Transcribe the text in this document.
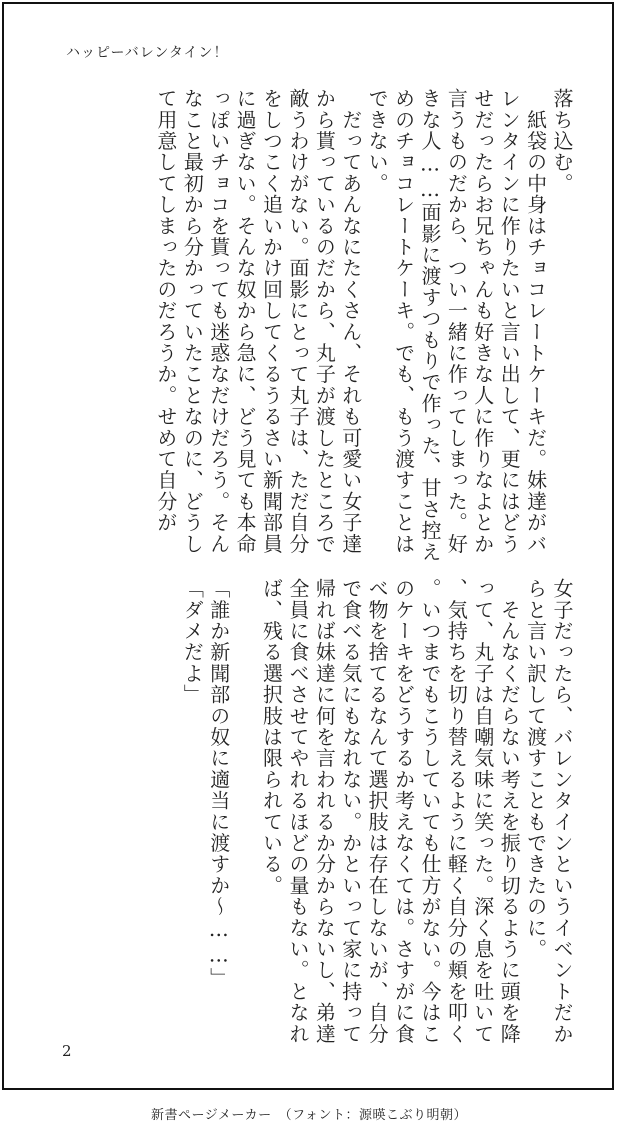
ハッピーバレンタイン！

落ち込む。

　紙袋の中身はチョコレートケーキだ。妹達がバ
レンタインに作りたいと言い出して、更にはどう
せだったらお兄ちゃんも好きな人に作りなよとか
言うものだから、つい一緒に作ってしまった。好
きな人……面影に渡すつもりで作った、甘さ控え
めのチョコレートケーキ。でも、もう渡すことは
できない。

　だってあんなにたくさん、それも可愛い女子達
から貰っているのだから、丸子が渡したところで
敵うわけがない。面影にとって丸子は、ただ自分
をしつこく追いかけ回してくるうるさい新聞部員
に過ぎない。そんな奴から急に、どう見ても本命
っぽいチョコを貰っても迷惑なだけだろう。そん
なこと最初から分かっていたことなのに、どうし
て用意してしまったのだろうか。せめて自分が

女子だったら、バレンタインというイベントだか
らと言い訳して渡すこともできたのに。

　そんなくだらない考えを振り切るように頭を降
って、丸子は自嘲気味に笑った。深く息を吐いて
、気持ちを切り替えるように軽く自分の頬を叩く
。いつまでもこうしていても仕方がない。今はこ
のケーキをどうするか考えなくては。さすがに食
べ物を捨てるなんて選択肢は存在しないが、自分
で食べる気にもなれない。かといって家に持って
帰れば妹達に何を言われるか分からないし、弟達
全員に食べさせてやれるほどの量もない。となれ
ば、残る選択肢は限られている。

「誰か新聞部の奴に適当に渡すか～……」

「ダメだよ」

2
新書ページメーカー　（フォント：源暎こぶり明朝）
